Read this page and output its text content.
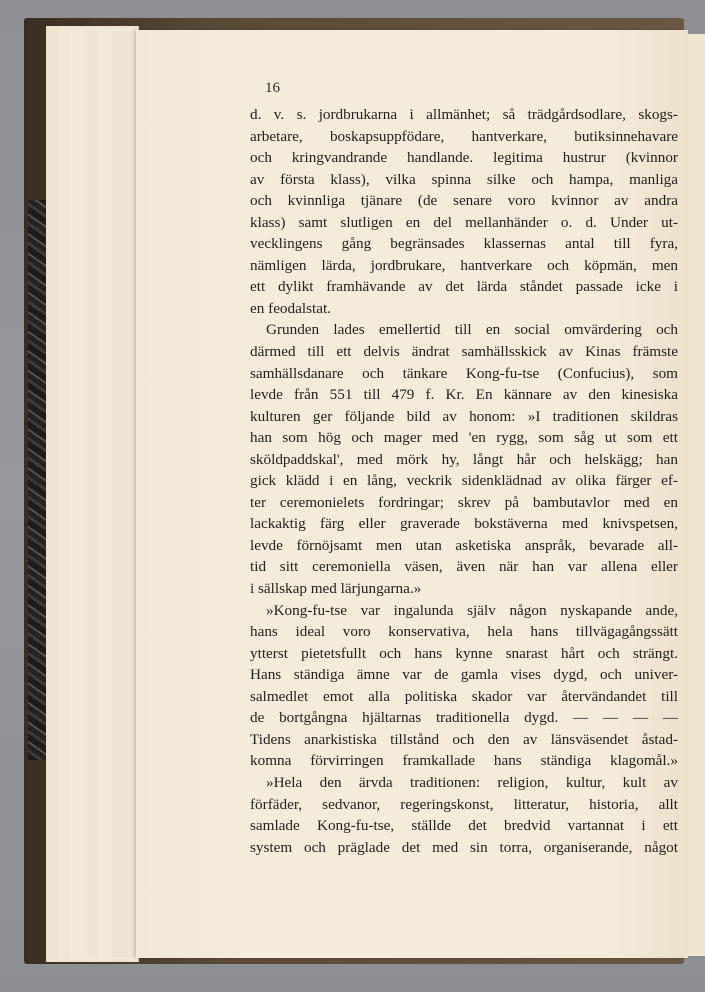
16
d. v. s. jordbrukarna i allmänhet; så trädgårdsodlare, skogs-
arbetare, boskapsuppfödare, hantverkare, butiksinnehavare
och kringvandrande handlande. legitima hustrur (kvinnor
av första klass), vilka spinna silke och hampa, manliga
och kvinnliga tjänare (de senare voro kvinnor av andra
klass) samt slutligen en del mellanhänder o. d. Under ut-
vecklingens gång begränsades klassernas antal till fyra,
nämligen lärda, jordbrukare, hantverkare och köpmän, men
ett dylikt framhävande av det lärda ståndet passade icke i
en feodalstat.
Grunden lades emellertid till en social omvärdering och
därmed till ett delvis ändrat samhällsskick av Kinas främste
samhällsdanare och tänkare Kong-fu-tse (Confucius), som
levde från 551 till 479 f. Kr. En kännare av den kinesiska
kulturen ger följande bild av honom: »I traditionen skildras
han som hög och mager med 'en rygg, som såg ut som ett
sköldpaddskal', med mörk hy, långt hår och helskägg; han
gick klädd i en lång, veckrik sidenklädnad av olika färger ef-
ter ceremonielets fordringar; skrev på bambutavlor med en
lackaktig färg eller graverade bokstäverna med knivspetsen,
levde förnöjsamt men utan asketiska anspråk, bevarade all-
tid sitt ceremoniella väsen, även när han var allena eller
i sällskap med lärjungarna.»
»Kong-fu-tse var ingalunda själv någon nyskapande ande,
hans ideal voro konservativa, hela hans tillvägagångssätt
ytterst pietetsfullt och hans kynne snarast hårt och strängt.
Hans ständiga ämne var de gamla vises dygd, och univer-
salmedlet emot alla politiska skador var återvändandet till
de bortgångna hjältarnas traditionella dygd. — — — —
Tidens anarkistiska tillstånd och den av länsväsendet åstad-
komna förvirringen framkallade hans ständiga klagomål.»
»Hela den ärvda traditionen: religion, kultur, kult av
förfäder, sedvanor, regeringskonst, litteratur, historia, allt
samlade Kong-fu-tse, ställde det bredvid vartannat i ett
system och präglade det med sin torra, organiserande, något
